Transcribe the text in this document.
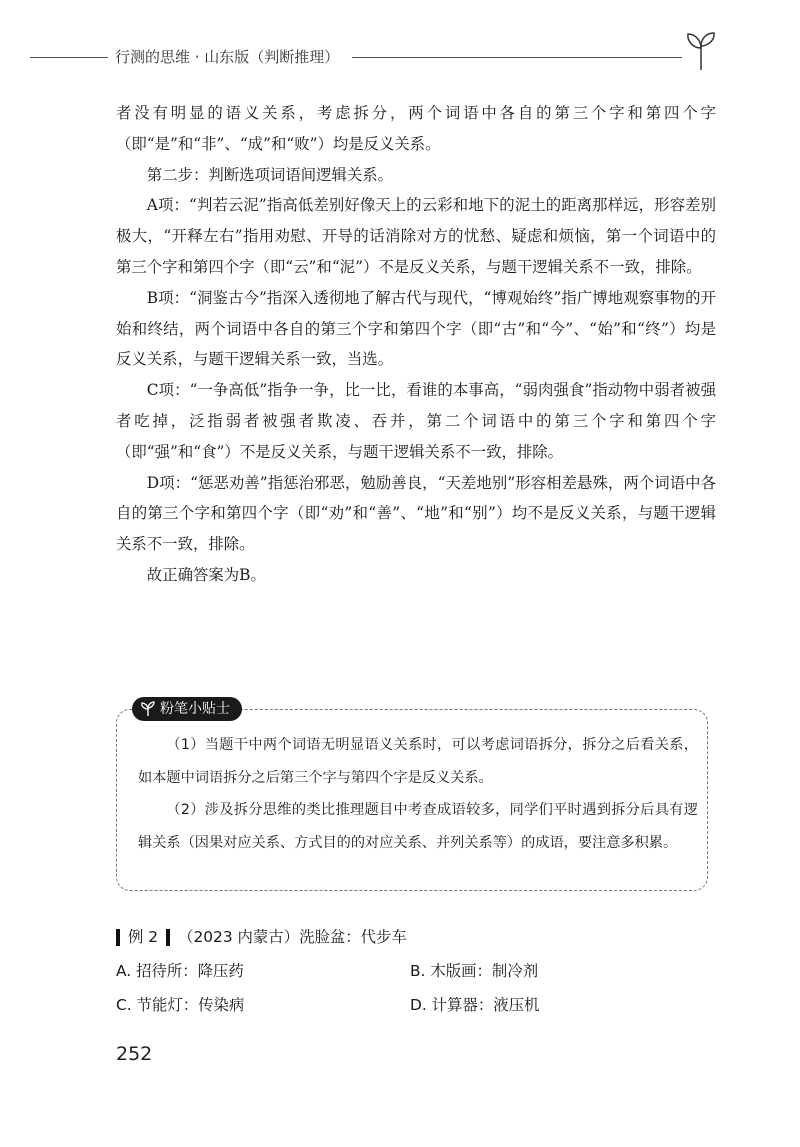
行测的思维 · 山东版（判断推理）

者没有明显的语义关系，考虑拆分，两个词语中各自的第三个字和第四个字（即“是”和“非”、“成”和“败”）均是反义关系。

第二步：判断选项词语间逻辑关系。

A项：“判若云泥”指高低差别好像天上的云彩和地下的泥土的距离那样远，形容差别极大，“开释左右”指用劝慰、开导的话消除对方的忧愁、疑虑和烦恼，第一个词语中的第三个字和第四个字（即“云”和“泥”）不是反义关系，与题干逻辑关系不一致，排除。

B项：“洞鉴古今”指深入透彻地了解古代与现代，“博观始终”指广博地观察事物的开始和终结，两个词语中各自的第三个字和第四个字（即“古”和“今”、“始”和“终”）均是反义关系，与题干逻辑关系一致，当选。

C项：“一争高低”指争一争，比一比，看谁的本事高，“弱肉强食”指动物中弱者被强者吃掉，泛指弱者被强者欺凌、吞并，第二个词语中的第三个字和第四个字（即“强”和“食”）不是反义关系，与题干逻辑关系不一致，排除。

D项：“惩恶劝善”指惩治邪恶，勉励善良，“天差地别”形容相差悬殊，两个词语中各自的第三个字和第四个字（即“劝”和“善”、“地”和“别”）均不是反义关系，与题干逻辑关系不一致，排除。

故正确答案为B。

粉笔小贴士

（1）当题干中两个词语无明显语义关系时，可以考虑词语拆分，拆分之后看关系，如本题中词语拆分之后第三个字与第四个字是反义关系。

（2）涉及拆分思维的类比推理题目中考查成语较多，同学们平时遇到拆分后具有逻辑关系（因果对应关系、方式目的的对应关系、并列关系等）的成语，要注意多积累。

例 2 （2023 内蒙古） 洗脸盆：代步车
A. 招待所：降压药	B. 木版画：制冷剂
C. 节能灯：传染病	D. 计算器：液压机
252
